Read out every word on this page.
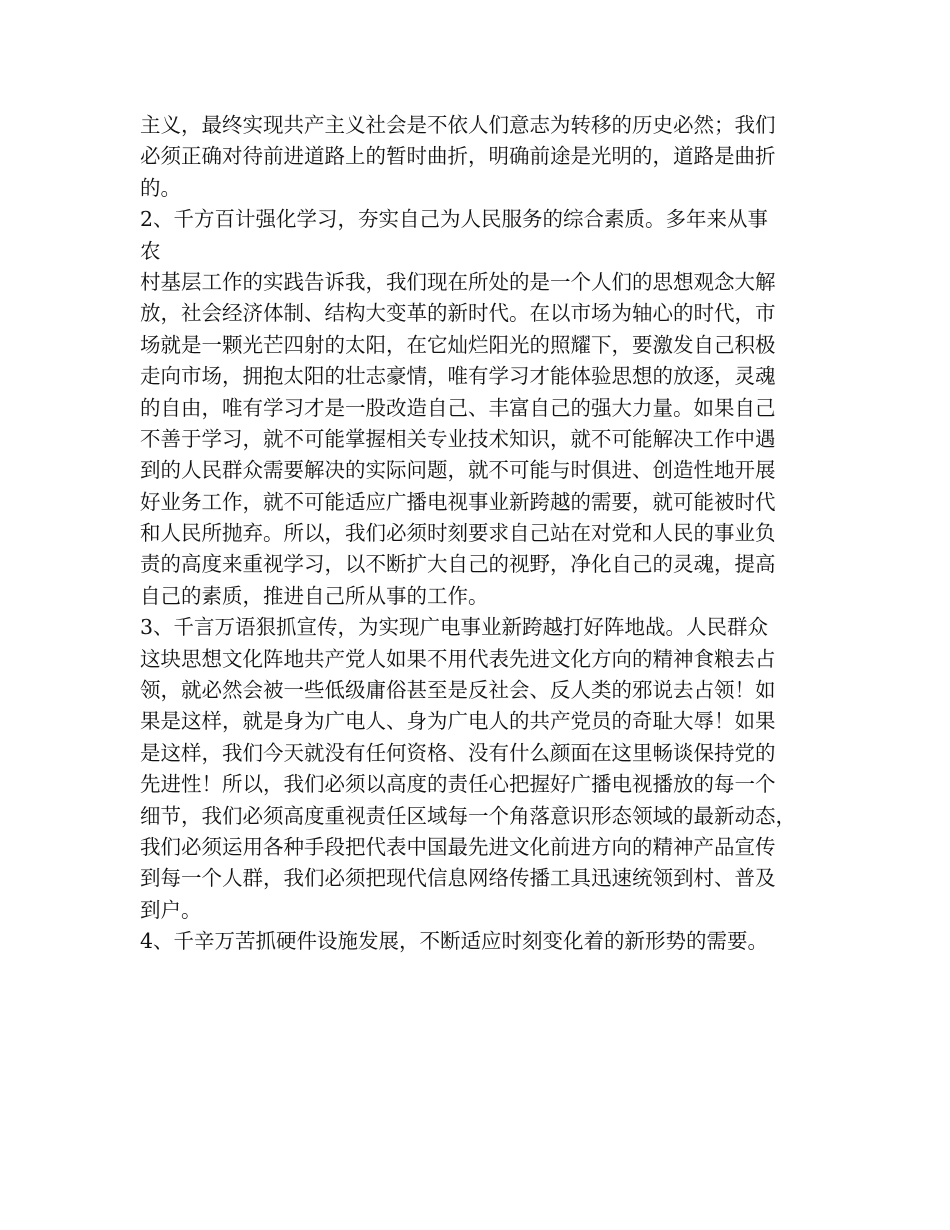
主义，最终实现共产主义社会是不依人们意志为转移的历史必然；我们
必须正确对待前进道路上的暂时曲折，明确前途是光明的，道路是曲折
的。
2、千方百计强化学习，夯实自己为人民服务的综合素质。多年来从事
农
村基层工作的实践告诉我，我们现在所处的是一个人们的思想观念大解
放，社会经济体制、结构大变革的新时代。在以市场为轴心的时代，市
场就是一颗光芒四射的太阳，在它灿烂阳光的照耀下，要激发自己积极
走向市场，拥抱太阳的壮志豪情，唯有学习才能体验思想的放逐，灵魂
的自由，唯有学习才是一股改造自己、丰富自己的强大力量。如果自己
不善于学习，就不可能掌握相关专业技术知识，就不可能解决工作中遇
到的人民群众需要解决的实际问题，就不可能与时俱进、创造性地开展
好业务工作，就不可能适应广播电视事业新跨越的需要，就可能被时代
和人民所抛弃。所以，我们必须时刻要求自己站在对党和人民的事业负
责的高度来重视学习，以不断扩大自己的视野，净化自己的灵魂，提高
自己的素质，推进自己所从事的工作。
3、千言万语狠抓宣传，为实现广电事业新跨越打好阵地战。人民群众
这块思想文化阵地共产党人如果不用代表先进文化方向的精神食粮去占
领，就必然会被一些低级庸俗甚至是反社会、反人类的邪说去占领！如
果是这样，就是身为广电人、身为广电人的共产党员的奇耻大辱！如果
是这样，我们今天就没有任何资格、没有什么颜面在这里畅谈保持党的
先进性！所以，我们必须以高度的责任心把握好广播电视播放的每一个
细节，我们必须高度重视责任区域每一个角落意识形态领域的最新动态，
我们必须运用各种手段把代表中国最先进文化前进方向的精神产品宣传
到每一个人群，我们必须把现代信息网络传播工具迅速统领到村、普及
到户。
4、千辛万苦抓硬件设施发展，不断适应时刻变化着的新形势的需要。
